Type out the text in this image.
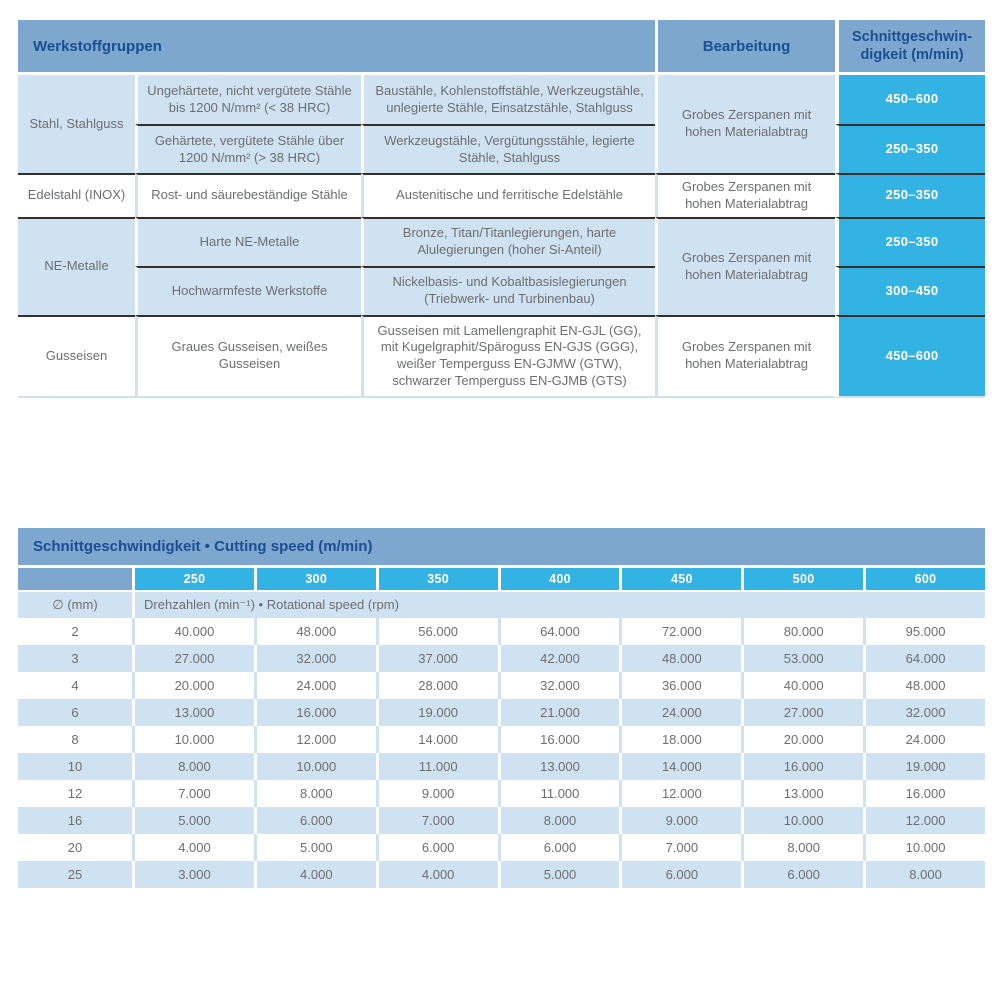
Werkstoffgruppen			Bearbeitung	Schnittgeschwin-
digkeit (m/min)
Stahl, Stahlguss	Ungehärtete, nicht vergütete Stähle bis 1200 N/mm² (< 38 HRC)	Baustähle, Kohlenstoffstähle, Werkzeugstähle, unlegierte Stähle, Einsatzstähle, Stahlguss	Grobes Zerspanen mit hohen Materialabtrag	450–600
	Gehärtete, vergütete Stähle über 1200 N/mm² (> 38 HRC)	Werkzeugstähle, Vergütungsstähle, legierte Stähle, Stahlguss		250–350
Edelstahl (INOX)	Rost- und säurebeständige Stähle	Austenitische und ferritische Edelstähle	Grobes Zerspanen mit hohen Materialabtrag	250–350
NE-Metalle	Harte NE-Metalle	Bronze, Titan/Titanlegierungen, harte Alulegierungen (hoher Si-Anteil)	Grobes Zerspanen mit hohen Materialabtrag	250–350
	Hochwarmfeste Werkstoffe	Nickelbasis- und Kobaltbasislegierungen (Triebwerk- und Turbinenbau)		300–450
Gusseisen	Graues Gusseisen, weißes Gusseisen	Gusseisen mit Lamellengraphit EN-GJL (GG), mit Kugelgraphit/Späroguss EN-GJS (GGG), weißer Temperguss EN-GJMW (GTW), schwarzer Temperguss EN-GJMB (GTS)	Grobes Zerspanen mit hohen Materialabtrag	450–600
Schnittgeschwindigkeit • Cutting speed (m/min)
	250	300	350	400	450	500	600
∅ (mm)	Drehzahlen (min⁻¹) • Rotational speed (rpm)						
2	40.000	48.000	56.000	64.000	72.000	80.000	95.000
3	27.000	32.000	37.000	42.000	48.000	53.000	64.000
4	20.000	24.000	28.000	32.000	36.000	40.000	48.000
6	13.000	16.000	19.000	21.000	24.000	27.000	32.000
8	10.000	12.000	14.000	16.000	18.000	20.000	24.000
10	8.000	10.000	11.000	13.000	14.000	16.000	19.000
12	7.000	8.000	9.000	11.000	12.000	13.000	16.000
16	5.000	6.000	7.000	8.000	9.000	10.000	12.000
20	4.000	5.000	6.000	6.000	7.000	8.000	10.000
25	3.000	4.000	4.000	5.000	6.000	6.000	8.000
